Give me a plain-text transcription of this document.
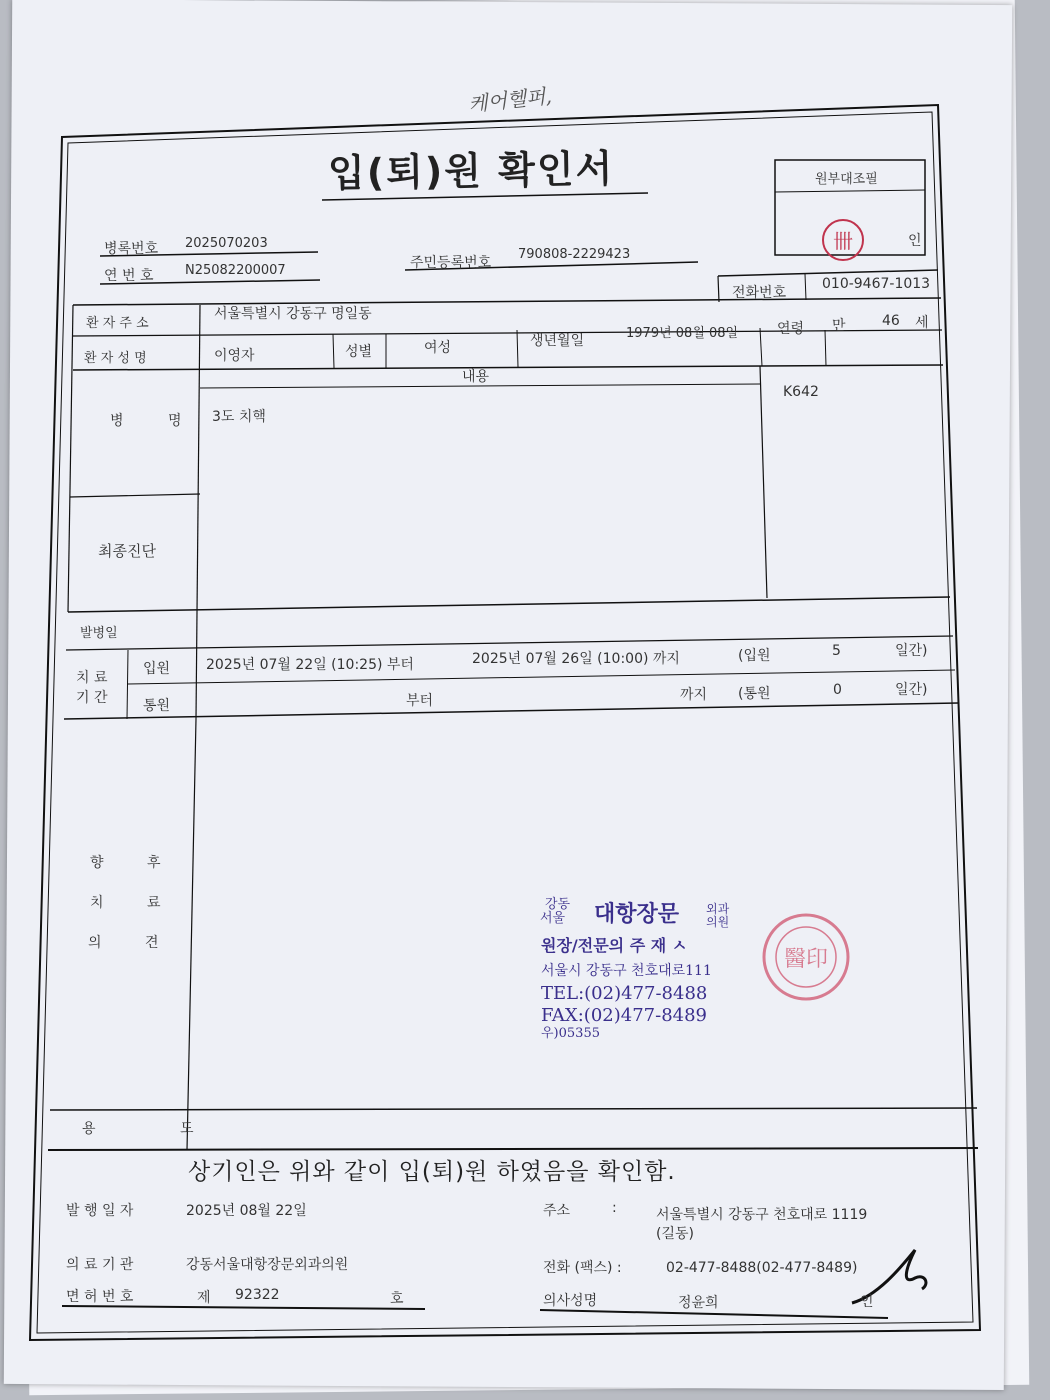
케어헬퍼,
卌
醫印
입(퇴)원 확인서	원부대조필
인
병록번호 2025070203
연 번 호 N25082200007	주민등록번호
790808-2229423
전화번호
010-9467-1013
환 자 주 소
서울특별시 강동구 명일동
환 자 성 명	이영자	성별	여성	생년월일	1979년 08월 08일	연령 만	46 세
내용
병 명 3도 치핵
K642
최종진단
발병일
치 료
기 간
입원	2025년 07월 22일 (10:25) 부터	2025년 07월 26일 (10:00) 까지	(입원	5	일간)
통원	부터	까지 (통원	0	일간)
향	후
치	료
의	견
강동
서울 대항장문 외과 의원
원장/전문의 주 재 ㅅ
서울시 강동구 천호대로111
TEL:(02)477-8488
FAX:(02)477-8489
우)05355
용 도
상기인은 위와 같이 입(퇴)원 하였음을 확인함.
발 행 일 자	2025년 08월 22일	주소	:	서울특별시 강동구 천호대로 1119
(길동)
의 료 기 관	강동서울대항장문외과의원	전화 (팩스) :	02-477-8488(02-477-8489)
면 허 번 호	제 92322	호	의사성명	정윤희	인
